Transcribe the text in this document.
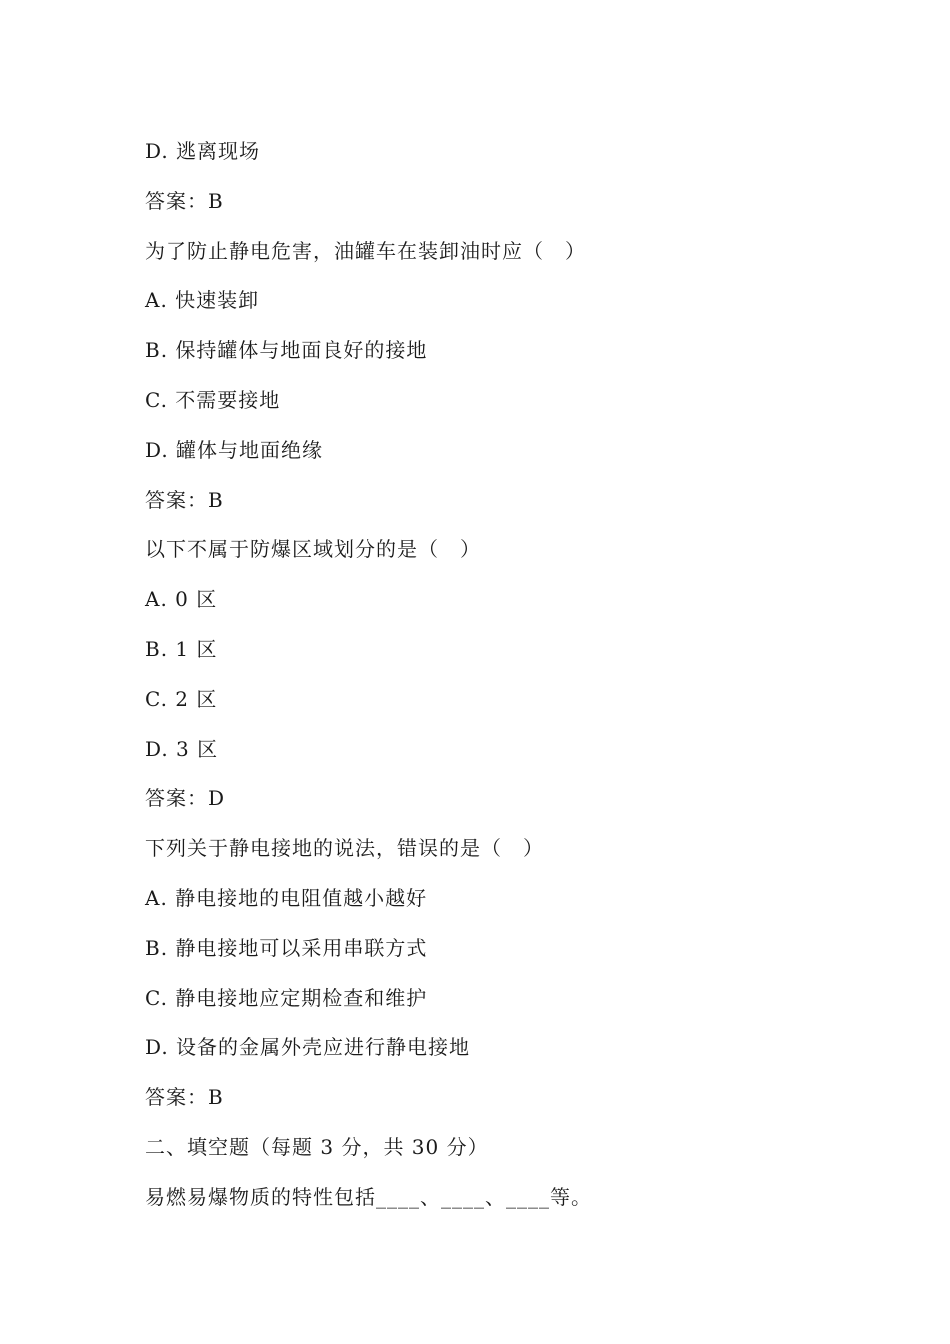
D. 逃离现场
答案：B
为了防止静电危害，油罐车在装卸油时应（　）
A. 快速装卸
B. 保持罐体与地面良好的接地
C. 不需要接地
D. 罐体与地面绝缘
答案：B
以下不属于防爆区域划分的是（　）
A. 0 区
B. 1 区
C. 2 区
D. 3 区
答案：D
下列关于静电接地的说法，错误的是（　）
A. 静电接地的电阻值越小越好
B. 静电接地可以采用串联方式
C. 静电接地应定期检查和维护
D. 设备的金属外壳应进行静电接地
答案：B
二、填空题（每题 3 分，共 30 分）
易燃易爆物质的特性包括____、____、____等。
